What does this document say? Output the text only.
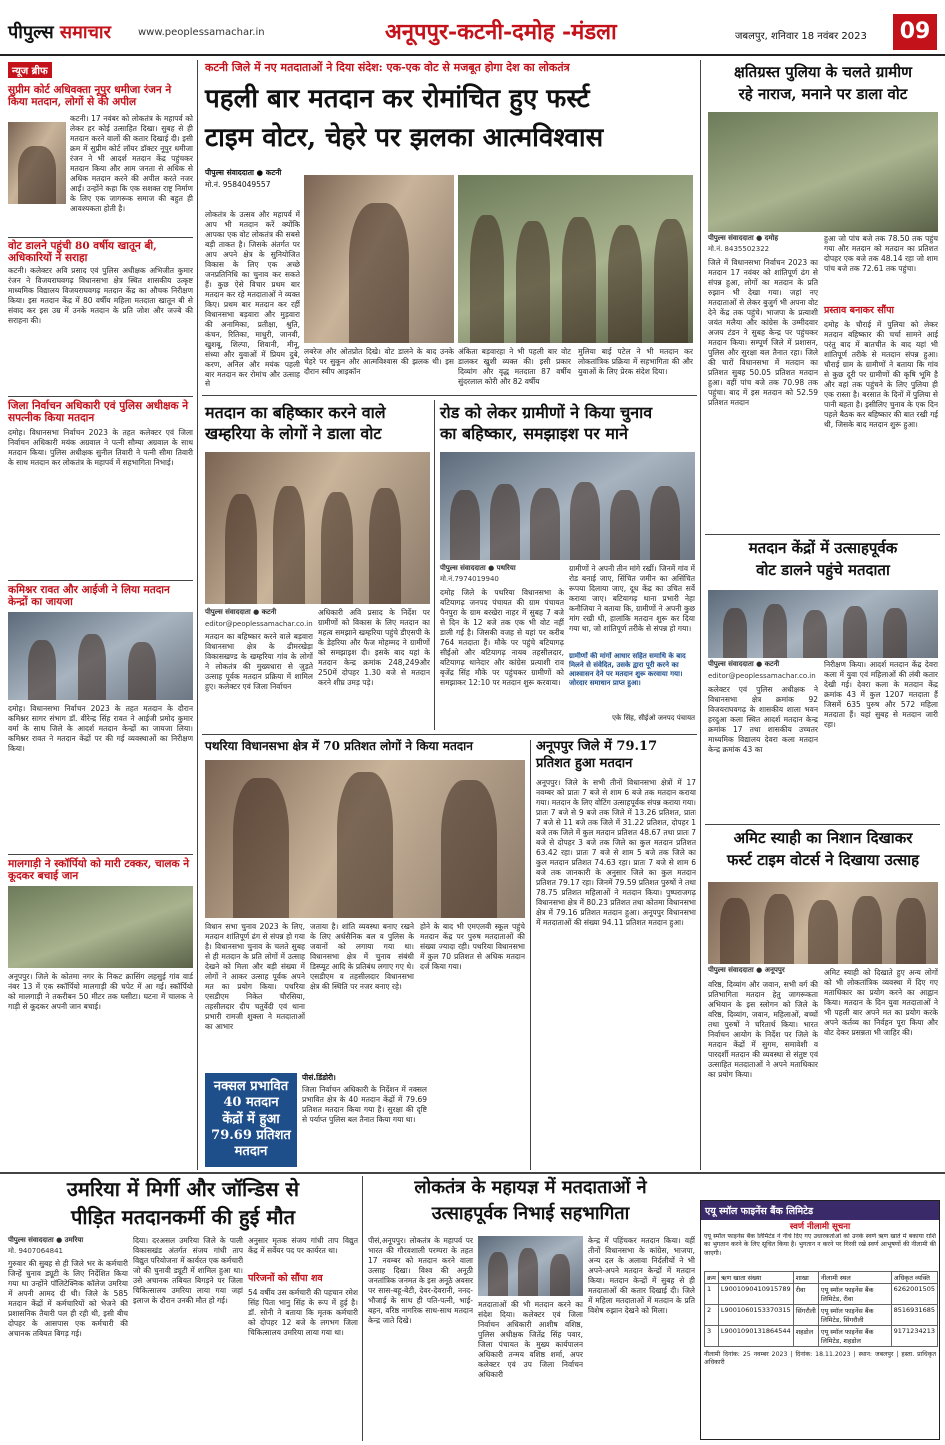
पीपुल्स समाचार	www.peoplessamachar.in	अनूपपुर-कटनी-दमोह -मंडला	जबलपुर, शनिवार 18 नवंबर 2023	09
न्यूज ब्रीफ
सुप्रीम कोर्ट अधिवक्ता नूपुर धमीजा रंजन ने किया मतदान, लोगों से की अपील
कटनी। 17 नवंबर को लोकतंत्र के महापर्व को लेकर हर कोई उत्साहित दिखा। सुबह से ही मतदान करने वालों की कतार दिखाई दी। इसी क्रम में सुप्रीम कोर्ट लॉयर डॉक्टर नूपुर धमीजा रंजन ने भी आदर्श मतदान केंद्र पहुंचकर मतदान किया और आम जनता से अधिक से अधिक मतदान करने की अपील करते नजर आईं। उन्होंने कहा कि एक सशक्त राष्ट्र निर्माण के लिए एक जागरूक समाज की बहुत ही आवश्यकता होती है।
वोट डालने पहुंची 80 वर्षीय खातून बी, अधिकारियों ने सराहा
कटनी। कलेक्टर अवि प्रसाद एवं पुलिस अधीक्षक अभिजीत कुमार रंजन ने विजयराघवगढ़ विधानसभा क्षेत्र स्थित शासकीय उत्कृष्ट माध्यमिक विद्यालय विजयराघवगढ़ मतदान केंद्र का औचक निरीक्षण किया। इस मतदान केंद्र में 80 वर्षीय महिला मतदाता खातून बी से संवाद कर इस उम्र में उनके मतदान के प्रति जोश और जज्बे की सराहना की।
जिला निर्वाचन अधिकारी एवं पुलिस अधीक्षक ने सपत्नीक किया मतदान
दमोह। विधानसभा निर्वाचन 2023 के तहत कलेक्टर एवं जिला निर्वाचन अधिकारी मयंक अग्रवाल ने पत्नी सौम्या अग्रवाल के साथ मतदान किया। पुलिस अधीक्षक सुनील तिवारी ने पत्नी सीमा तिवारी के साथ मतदान कर लोकतंत्र के महापर्व में सहभागिता निभाई।
कमिश्नर रावत और आईजी ने लिया मतदान केन्द्रों का जायजा
दमोह। विधानसभा निर्वाचन 2023 के तहत मतदान के दौरान कमिश्नर सागर संभाग डॉ. वीरेन्द्र सिंह रावत ने आईजी प्रमोद कुमार वर्मा के साथ जिले के आदर्श मतदान केन्द्रों का जायजा लिया। कमिश्नर रावत ने मतदान केंद्रों पर की गई व्यवस्थाओं का निरीक्षण किया।
मालगाड़ी ने स्कॉर्पियो को मारी टक्कर, चालक ने कूदकर बचाई जान
अनूपपुर। जिले के कोतमा नगर के निकट क्रासिंग लहसुई गांव वार्ड नंबर 13 में एक स्कॉर्पियो मालगाड़ी की चपेट में आ गई। स्कॉर्पियो को मालगाड़ी ने तकरीबन 50 मीटर तक घसीटा। घटना में चालक ने गाड़ी से कूदकर अपनी जान बचाई।
कटनी जिले में नए मतदाताओं ने दिया संदेश: एक-एक वोट से मजबूत होगा देश का लोकतंत्र
पहली बार मतदान कर रोमांचित हुए फर्स्ट
टाइम वोटर, चेहरे पर झलका आत्मविश्वास
पीपुल्स संवाददाता ● कटनी
मो.नं. 9584049557
लोकतंत्र के उत्सव और महापर्व में आप भी मतदान करें क्योंकि आपका एक वोट लोकतंत्र की सबसे बड़ी ताकत है। जिसके अंतर्गत पर आप अपने क्षेत्र के सुनियोजित विकास के लिए एक अच्छे जनप्रतिनिधि का चुनाव कर सकते हैं। कुछ ऐसे विचार प्रथम बार मतदान कर रहे मतदाताओं ने व्यक्त किए। प्रथम बार मतदान कर रहीं विधानसभा बड़वारा और मुड़वारा की अनामिका, प्रतीक्षा, श्रुति, कंचन, रितिका, माधुरी, जानवी, खुशबू, शिल्पा, शिवानी, मीनू, संध्या और युवाओं में प्रियम दुबे, करण, अनिल और मयंक पहली बार मतदान कर रोमांच और उत्साह से
लबरेज और ओतप्रोत दिखे। वोट डालने के बाद उनके चेहरे पर सुकून और आत्मविश्वास की झलक थी। इस दौरान स्वीप आइकॉन
अंकिता बड़वारहा ने भी पहली बार वोट डालकर खुशी व्यक्त की। इसी प्रकार दिव्यांग और वृद्ध मतदाता 87 वर्षीय सुंदरलाल कोरी और 82 वर्षीय
मुलिया बाई पटेल ने भी मतदान कर लोकतांत्रिक प्रक्रिया में सहभागिता की और युवाओं के लिए प्रेरक संदेश दिया।
मतदान का बहिष्कार करने वाले
खम्हरिया के लोगों ने डाला वोट
पीपुल्स संवाददाता ● कटनी
editor@peoplessamachar.co.in
मतदान का बहिष्कार करने वाले बड़वारा विधानसभा क्षेत्र के ढीमरखेड़ा विकासखण्ड के खम्हरिया गांव के लोगों ने लोकतंत्र की मुख्यधारा से जुड़ते उत्साह पूर्वक मतदान प्रक्रिया में शामिल हुए। कलेक्टर एवं जिला निर्वाचन
अधिकारी अवि प्रसाद के निर्देश पर ग्रामीणों को विकास के लिए मतदान का महत्व समझाने खम्हरिया पहुंचे डीएसपी के के डेहरिया और फैज मोहम्मद ने ग्रामीणों को समझाइश दी। इसके बाद यहां के मतदान केन्द्र क्रमांक 248,249और 250में दोपहर 1.30 बजे से मतदान करने शीघ्र उमड़ पड़े।
रोड को लेकर ग्रामीणों ने किया चुनाव
का बहिष्कार, समझाइश पर माने
पीपुल्स संवाददाता ● पथरिया
मो.नं.7974019940
दमोह जिले के पथरिया विधानसभा के बटियागढ़ जनपद पंचायत की ग्राम पंचायत पैनपुरा के ग्राम बरखेरा नाहर में सुबह 7 बजे से दिन के 12 बजे तक एक भी वोट नहीं डाली गई है। जिसकी वजह से यहां पर करीब 764 मतदाता हैं। मौके पर पहुंचे बटियागढ़ सीईओ और बटियागढ़ नायब तहसीलदार, बटियागढ़ थानेदार और कांग्रेस प्रत्याशी राव बृजेंद्र सिंह मौके पर पहुंचकर ग्रामीणों को समझाकर 12:10 पर मतदान शुरू करवाया।
ग्रामीणों ने अपनी तीन मांगे रखीं। जिनमें गांव में रोड बनाई जाए, सिंचित जमीन का असिंचित रूपया दिलाया जाए, दूध केंद्र का उचित सर्वे कराया जाए। बटियागढ़ थाना प्रभारी नेहा कनौजिया ने बताया कि, ग्रामीणों ने अपनी कुछ मांग रखी थी, हालांकि मतदान शुरू कर दिया गया था, जो शांतिपूर्ण तरीके से संपन्न हो गया।
ग्रामीणों की मांगों आधार सहित समाधि के बाद मिलने से संवेदित, उसके द्वारा पूरी करने का आश्वासन देने पर मतदान शुरू करवाया गया। जोरदार समाधान प्राप्त हुआ।
एके सिंह, सीईओ जनपद पंचायत
पथरिया विधानसभा क्षेत्र में 70 प्रतिशत लोगों ने किया मतदान
विधान सभा चुनाव 2023 के लिए, मतदान शांतिपूर्ण ढंग से संपन्न हो गया है। विधानसभा चुनाव के चलते सुबह से ही मतदान के प्रति लोगों में उत्साह देखने को मिला और बड़ी संख्या में लोगों ने आकर उत्साह पूर्वक अपने मत का प्रयोग किया। पथरिया एसडीएम निकेत चौरसिया, तहसीलदार दीप चतुर्वेदी एवं थाना प्रभारी रामजी शुक्ला ने मतदाताओं का आभार
जताया है। शांति व्यवस्था बनाए रखने के लिए अर्धसैनिक बल व पुलिस के जवानों को लगाया गया था। विधानसभा क्षेत्र में चुनाव संबंधी डिस्प्यूट आदि के प्रतिबंध लगाए गए थे। एसडीएम व तहसीलदार विधानसभा क्षेत्र की स्थिति पर नजर बनाए रहे।
होने के बाद भी एमएलवी स्कूल पहुंचे मतदान केंद्र पर पुरुष मतदाताओं की संख्या ज्यादा रही। पथरिया विधानसभा में कुल 70 प्रतिशत से अधिक मतदान दर्ज किया गया।
नक्सल प्रभावित 40 मतदान केंद्रों में हुआ 79.69 प्रतिशत मतदान
पीसं.डिंडोरी।
जिला निर्वाचन अधिकारी के निर्देशन में नक्सल प्रभावित क्षेत्र के 40 मतदान केंद्रों में 79.69 प्रतिशत मतदान किया गया है। सुरक्षा की दृष्टि से पर्याप्त पुलिस बल तैनात किया गया था।
अनूपपुर जिले में 79.17
प्रतिशत हुआ मतदान
अनूपपुर। जिले के सभी तीनों विधानसभा क्षेत्रों में 17 नवम्बर को प्रातः 7 बजे से शाम 6 बजे तक मतदान कराया गया। मतदान के लिए वोटिंग उत्साहपूर्वक संपन्न कराया गया। प्रातः 7 बजे से 9 बजे तक जिले में 13.26 प्रतिशत, प्रातः 7 बजे से 11 बजे तक जिले में 31.22 प्रतिशत, दोपहर 1 बजे तक जिले में कुल मतदान प्रतिशत 48.67 तथा प्रातः 7 बजे से दोपहर 3 बजे तक जिले का कुल मतदान प्रतिशत 63.42 रहा। प्रातः 7 बजे से शाम 5 बजे तक जिले का कुल मतदान प्रतिशत 74.63 रहा। प्रातः 7 बजे से शाम 6 बजे तक जानकारी के अनुसार जिले का कुल मतदान प्रतिशत 79.17 रहा। जिनमें 79.59 प्रतिशत पुरुषों ने तथा 78.75 प्रतिशत महिलाओं ने मतदान किया। पुष्पराजगढ़ विधानसभा क्षेत्र में 80.23 प्रतिशत तथा कोतमा विधानसभा क्षेत्र में 79.16 प्रतिशत मतदान हुआ। अनूपपुर विधानसभा में मतदाताओं की संख्या 94.11 प्रतिशत मतदान हुआ।
क्षतिग्रस्त पुलिया के चलते ग्रामीण
रहे नाराज, मनाने पर डाला वोट
पीपुल्स संवाददाता ● दमोह
मो.नं. 8435502322
जिले में विधानसभा निर्वाचन 2023 का मतदान 17 नवंबर को शांतिपूर्ण ढंग से संपन्न हुआ, लोगों का मतदान के प्रति रुझान भी देखा गया। जहां नए मतदाताओं से लेकर बुजुर्ग भी अपना वोट देने केंद्र तक पहुंचे। भाजपा के प्रत्याशी जयंत मलैया और कांग्रेस के उम्मीदवार अजय टंडन ने सुबह केन्द्र पर पहुंचकर मतदान किया। सम्पूर्ण जिले में प्रशासन, पुलिस और सुरक्षा बल तैनात रहा। जिले की चारों विधानसभा में मतदान का प्रतिशत सुबह 50.05 प्रतिशत मतदान हुआ। वहीं पांच बजे तक 70.98 तक पहुंचा। बाद में इस मतदान को 52.59 प्रतिशत मतदान
हुआ जो पांच बजे तक 78.50 तक पहुंच गया और मतदान को मतदान का प्रतिशत दोपहर एक बजे तक 48.14 रहा जो शाम पांच बजे तक 72.61 तक पहुंचा।
प्रस्ताव बनाकर सौंपा
दमोह के चौराई में पुलिया को लेकर मतदान बहिष्कार की चर्चा सामने आई परंतु बाद में बातचीत के बाद यहां भी शांतिपूर्ण तरीके से मतदान संपन्न हुआ। चौराई ग्राम के ग्रामीणों ने बताया कि गांव से कुछ दूरी पर ग्रामीणों की कृषि भूमि है और वहां तक पहुंचने के लिए पुलिया ही एक रास्ता है। बरसात के दिनों में पुलिया से पानी बहता है। इसीलिए चुनाव के एक दिन पहले बैठक कर बहिष्कार की बात रखी गई थी, जिसके बाद मतदान शुरू हुआ।
मतदान केंद्रों में उत्साहपूर्वक
वोट डालने पहुंचे मतदाता
पीपुल्स संवाददाता ● कटनी
editor@peoplessamachar.co.in
कलेक्टर एवं पुलिस अधीक्षक ने विधानसभा क्षेत्र क्रमांक 92 विजयराघवगढ़ के शासकीय शाला भवन हरदुआ कला स्थित आदर्श मतदान केन्द्र क्रमांक 17 तथा शासकीय उच्चतर माध्यमिक विद्यालय देवरा कला मतदान केन्द्र क्रमांक 43 का
निरीक्षण किया। आदर्श मतदान केंद्र देवरा कला में युवा एवं महिलाओं की लंबी कतार देखी गई। देवरा कला के मतदान केंद्र क्रमांक 43 में कुल 1207 मतदाता हैं जिसमें 635 पुरुष और 572 महिला मतदाता हैं। यहां सुबह से मतदान जारी रहा।
अमिट स्याही का निशान दिखाकर
फर्स्ट टाइम वोटर्स ने दिखाया उत्साह
पीपुल्स संवाददाता ● अनूपपुर
वरिष्ठ, दिव्यांग और जवान, सभी वर्ग की प्रतिभागिता मतदान हेतु जागरूकता अभियान के इस स्लोगन को जिले के वरिष्ठ, दिव्यांग, जवान, महिलाओं, बच्चों तथा पुरुषों ने चरितार्थ किया। भारत निर्वाचन आयोग के निर्देश पर जिले के मतदान केंद्रों में सुगम, समावेशी व पारदर्शी मतदान की व्यवस्था से संतुष्ट एवं उत्साहित मतदाताओं ने अपने मताधिकार का प्रयोग किया।
अमिट स्याही को दिखाते हुए अन्य लोगों को भी लोकतांत्रिक व्यवस्था में दिए गए मताधिकार का प्रयोग करने का आह्वान किया। मतदान के दिन युवा मतदाताओं ने भी पहली बार अपने मत का प्रयोग करके अपने कर्तव्य का निर्वहन पूरा किया और वोट देकर प्रसन्नता भी जाहिर की।
उमरिया में मिर्गी और जॉन्डिस से
पीड़ित मतदानकर्मी की हुई मौत
पीपुल्स संवाददाता ● उमरिया
मो. 9407064841
गुरुवार की सुबह से ही जिले भर के कर्मचारी जिन्हें चुनाव ड्यूटी के लिए निर्देशित किया गया था उन्होंने पॉलिटेक्निक कॉलेज उमरिया में अपनी आमद दी थी। जिले के 585 मतदान केंद्रों में कर्मचारियों को भेजने की प्रशासनिक तैयारी पल ही रही थी, इसी बीच दोपहर के आसपास एक कर्मचारी की अचानक तबियत बिगड़ गई।
दिया। दरअसल उमरिया जिले के पाली विकासखंड अंतर्गत संजय गांधी ताप विद्युत परियोजना में कार्यरत एक कर्मचारी जो की चुनावी ड्यूटी में शामिल हुआ था। उसे अचानक तबियत बिगड़ने पर जिला चिकित्सालय उमरिया लाया गया जहां इलाज के दौरान उनकी मौत हो गई।
अनुसार मृतक संजय गांधी ताप विद्युत केंद्र में सर्वेयर पद पर कार्यरत था।
परिजनों को सौंपा शव
54 वर्षीय उस कर्मचारी की पहचान रमेश सिंह पिता भानु सिंह के रूप में हुई है। डॉ. सोनी ने बताया कि मृतक कर्मचारी को दोपहर 12 बजे के लगभग जिला चिकित्सालय उमरिया लाया गया था।
लोकतंत्र के महायज्ञ में मतदाताओं ने
उत्साहपूर्वक निभाई सहभागिता
पीसं,अनूपपुर। लोकतंत्र के महापर्व पर भारत की गौरवशाली परम्परा के तहत 17 नवम्बर को मतदान करने वाला उत्साह दिखा। विश्व की अनूठी जनतांत्रिक जनमत के इस अनूठे अवसर पर सास-बहू-बेटी, देवर-देवरानी, ननद-भौजाई के साथ ही पति-पत्नी, भाई-बहन, वरिष्ठ नागरिक साथ-साथ मतदान केन्द्र जाते दिखे।
मतदाताओं की भी मतदान करने का संदेश दिया। कलेक्टर एवं जिला निर्वाचन अधिकारी आशीष वशिष्ठ, पुलिस अधीक्षक जितेंद्र सिंह पवार, जिला पंचायत के मुख्य कार्यपालन अधिकारी तन्मय वशिष्ठ शर्मा, अपर कलेक्टर एवं उप जिला निर्वाचन अधिकारी
केन्द्र में पहिंचकर मतदान किया। वहीं तीनों विधानसभा के कांग्रेस, भाजपा, अन्य दल के अलावा निर्दलीयों ने भी अपने-अपने मतदान केन्द्रों में मतदान किया। मतदान केन्द्रों में सुबह से ही मतदाताओं की कतार दिखाई दी। जिले में महिला मतदाताओं में मतदान के प्रति विशेष रुझान देखने को मिला।
एयू स्मॉल फाइनेंस बैंक लिमिटेड
स्वर्ण नीलामी सूचना
एयू स्मॉल फाइनेंस बैंक लिमिटेड ने नीचे दिए गए उधारकर्ताओं को उनके स्वर्ण ऋण खाते में बकाया राशि का भुगतान करने के लिए सूचित किया है। भुगतान न करने पर गिरवी रखे स्वर्ण आभूषणों की नीलामी की जाएगी।
क्रम	ऋण खाता संख्या	शाखा	नीलामी स्थल	अधिकृत व्यक्ति
1	L9001090410915789	रीवा	एयू स्मॉल फाइनेंस बैंक लिमिटेड, रीवा	6262001505
2	L9001060153370315	सिंगरौली	एयू स्मॉल फाइनेंस बैंक लिमिटेड, सिंगरौली	8516931685
3	L9001090131864544	शहडोल	एयू स्मॉल फाइनेंस बैंक लिमिटेड, शहडोल	9171234213
नीलामी दिनांक: 25 नवम्बर 2023 | दिनांक: 18.11.2023 | स्थान: जबलपुर | हस्ता. प्राधिकृत अधिकारी
